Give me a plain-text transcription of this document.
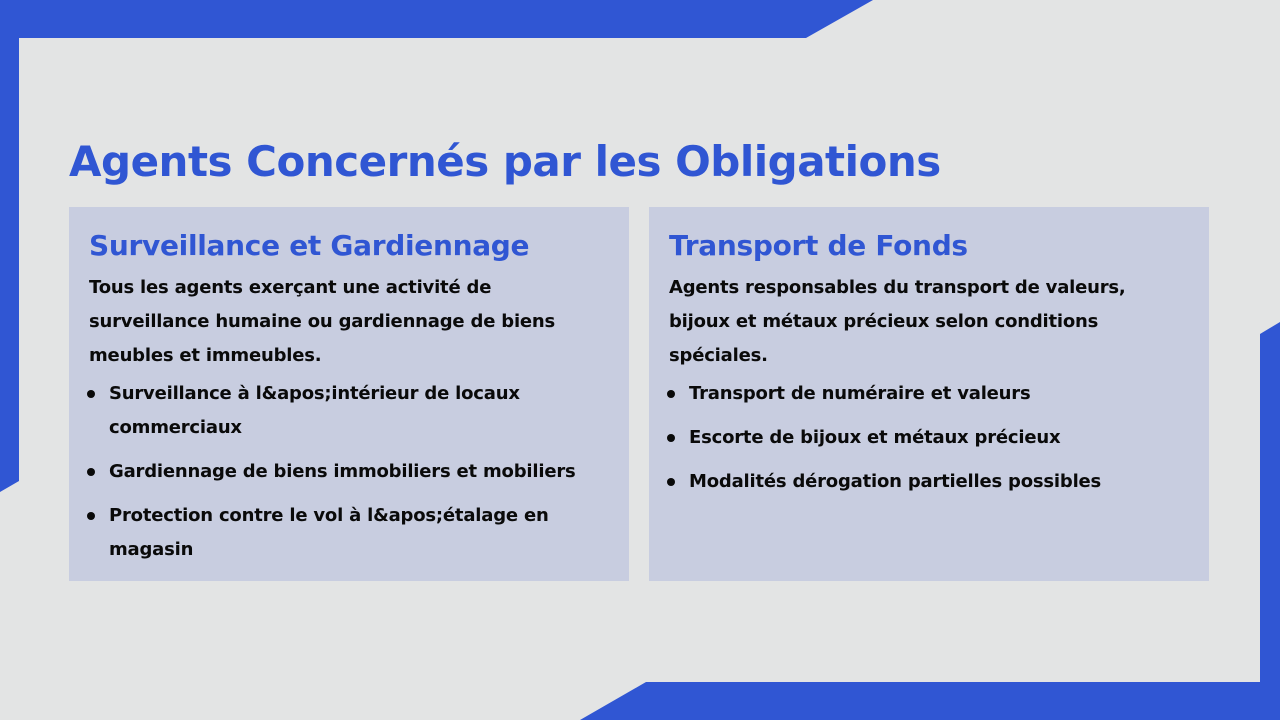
Agents Concernés par les Obligations
Surveillance et Gardiennage

Tous les agents exerçant une activité de surveillance humaine ou gardiennage de biens meubles et immeubles.

Surveillance à l&apos;intérieur de locaux commerciaux
Gardiennage de biens immobiliers et mobiliers
Protection contre le vol à l&apos;étalage en magasin
Transport de Fonds

Agents responsables du transport de valeurs, bijoux et métaux précieux selon conditions spéciales.

Transport de numéraire et valeurs
Escorte de bijoux et métaux précieux
Modalités dérogation partielles possibles
